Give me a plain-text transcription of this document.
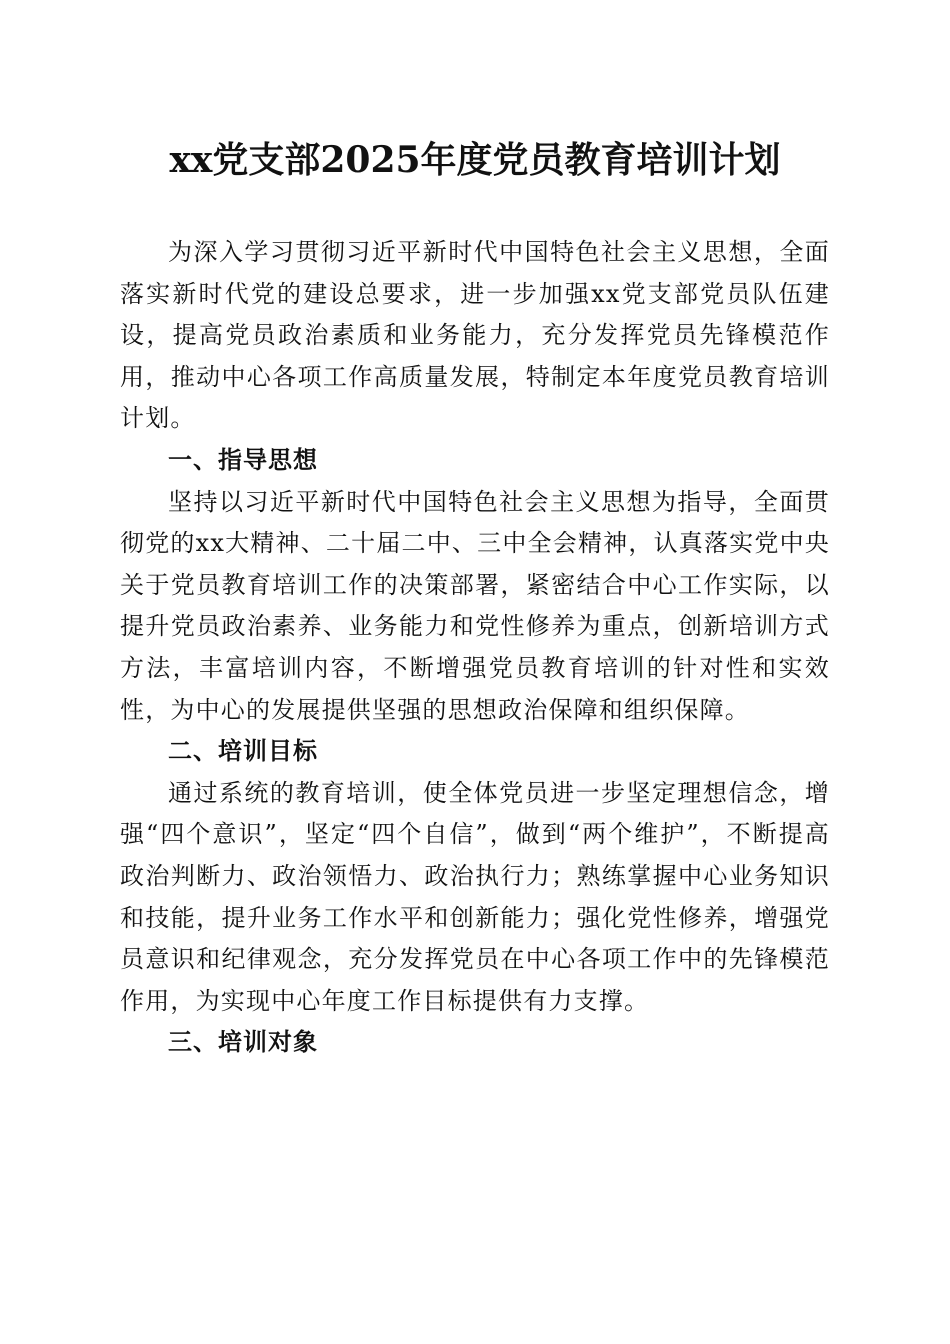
xx党支部2025年度党员教育培训计划

为深入学习贯彻习近平新时代中国特色社会主义思想，全面落实新时代党的建设总要求，进一步加强xx党支部党员队伍建设，提高党员政治素质和业务能力，充分发挥党员先锋模范作用，推动中心各项工作高质量发展，特制定本年度党员教育培训计划。

一、指导思想

坚持以习近平新时代中国特色社会主义思想为指导，全面贯彻党的xx大精神、二十届二中、三中全会精神，认真落实党中央关于党员教育培训工作的决策部署，紧密结合中心工作实际，以提升党员政治素养、业务能力和党性修养为重点，创新培训方式方法，丰富培训内容，不断增强党员教育培训的针对性和实效性，为中心的发展提供坚强的思想政治保障和组织保障。

二、培训目标

通过系统的教育培训，使全体党员进一步坚定理想信念，增强“四个意识”，坚定“四个自信”，做到“两个维护”，不断提高政治判断力、政治领悟力、政治执行力；熟练掌握中心业务知识和技能，提升业务工作水平和创新能力；强化党性修养，增强党员意识和纪律观念，充分发挥党员在中心各项工作中的先锋模范作用，为实现中心年度工作目标提供有力支撑。

三、培训对象
